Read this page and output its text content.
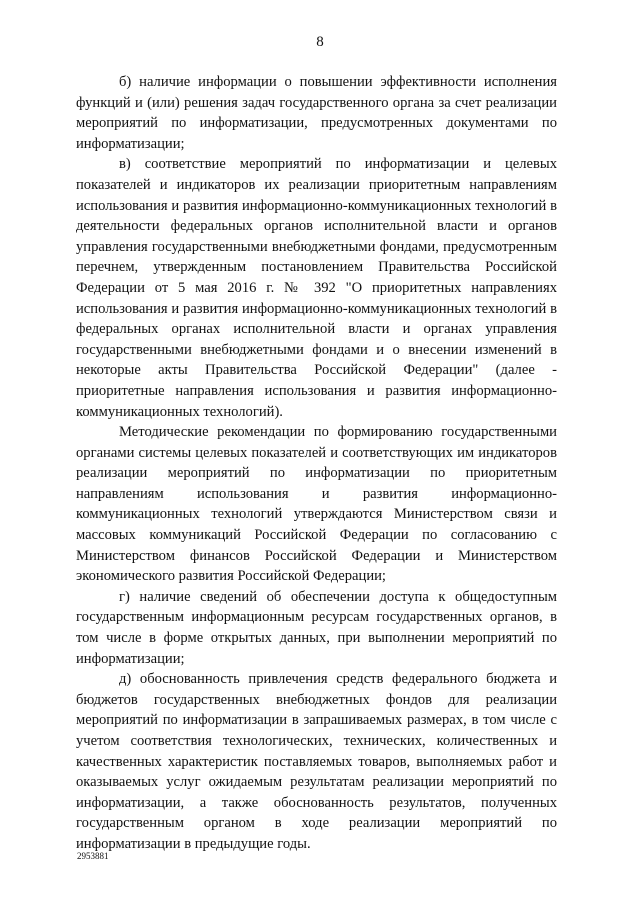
8

б) наличие информации о повышении эффективности исполнения функций и (или) решения задач государственного органа за счет реализации мероприятий по информатизации, предусмотренных документами по информатизации;

в) соответствие мероприятий по информатизации и целевых показателей и индикаторов их реализации приоритетным направлениям использования и развития информационно-коммуникационных технологий в деятельности федеральных органов исполнительной власти и органов управления государственными внебюджетными фондами, предусмотренным перечнем, утвержденным постановлением Правительства Российской Федерации от 5 мая 2016 г. № 392 "О приоритетных направлениях использования и развития информационно-коммуникационных технологий в федеральных органах исполнительной власти и органах управления государственными внебюджетными фондами и о внесении изменений в некоторые акты Правительства Российской Федерации" (далее - приоритетные направления использования и развития информационно-коммуникационных технологий).

Методические рекомендации по формированию государственными органами системы целевых показателей и соответствующих им индикаторов реализации мероприятий по информатизации по приоритетным направлениям использования и развития информационно-коммуникационных технологий утверждаются Министерством связи и массовых коммуникаций Российской Федерации по согласованию с Министерством финансов Российской Федерации и Министерством экономического развития Российской Федерации;

г) наличие сведений об обеспечении доступа к общедоступным государственным информационным ресурсам государственных органов, в том числе в форме открытых данных, при выполнении мероприятий по информатизации;

д) обоснованность привлечения средств федерального бюджета и бюджетов государственных внебюджетных фондов для реализации мероприятий по информатизации в запрашиваемых размерах, в том числе с учетом соответствия технологических, технических, количественных и качественных характеристик поставляемых товаров, выполняемых работ и оказываемых услуг ожидаемым результатам реализации мероприятий по информатизации, а также обоснованность результатов, полученных государственным органом в ходе реализации мероприятий по информатизации в предыдущие годы.

2953881
